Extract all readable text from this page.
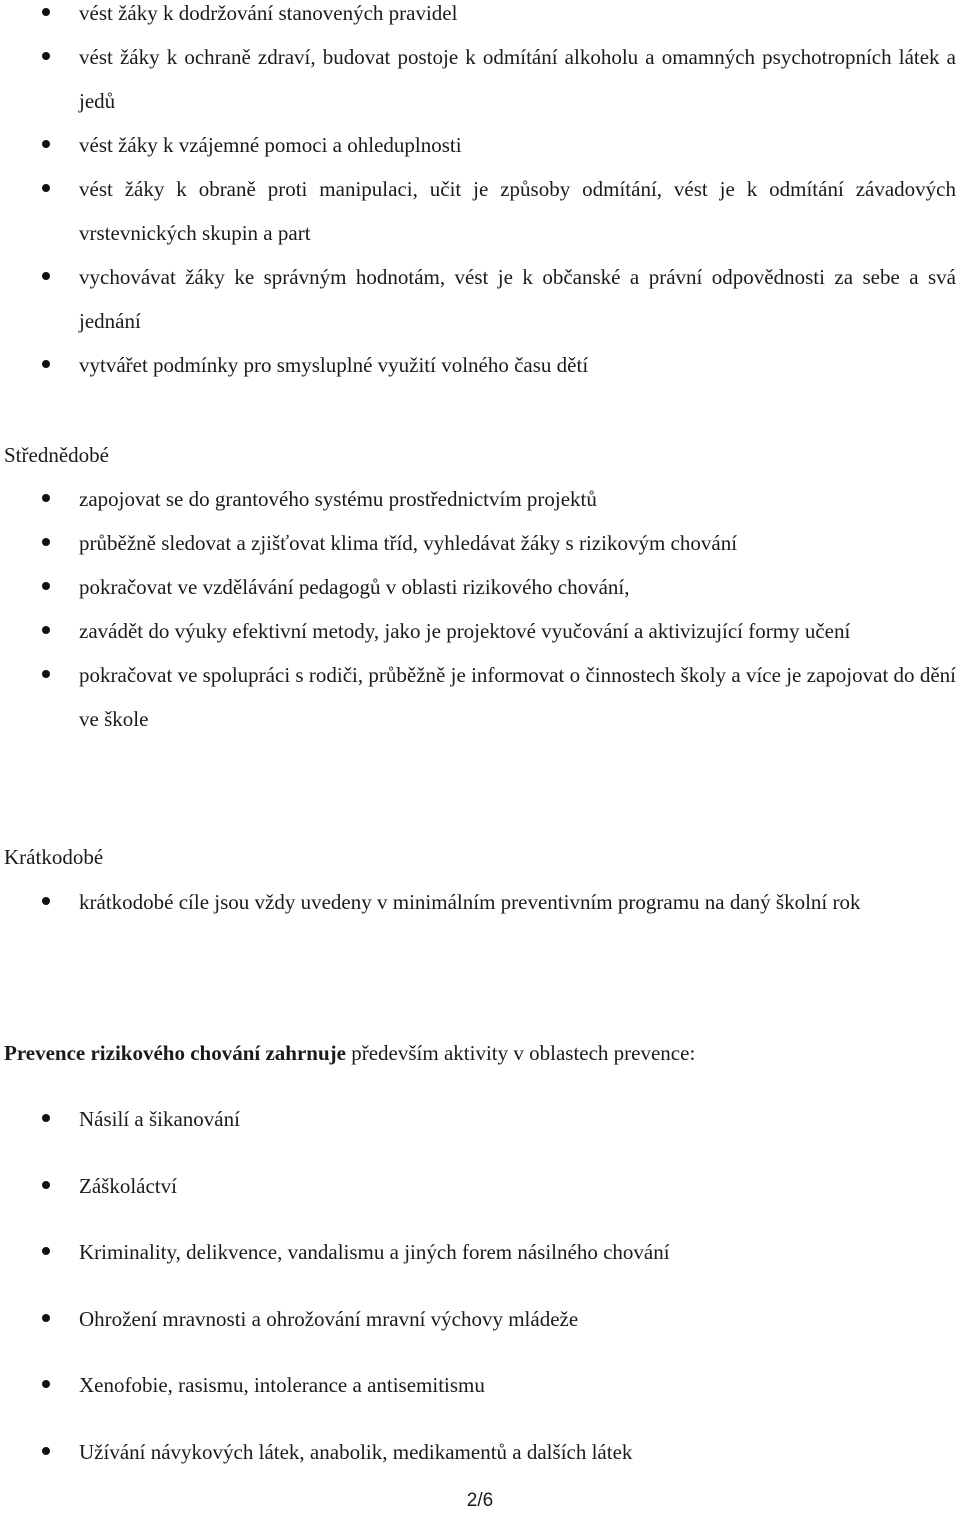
vést žáky k dodržování stanovených pravidel
vést žáky k ochraně zdraví, budovat postoje k odmítání alkoholu a omamných psychotropních látek a jedů
vést žáky k vzájemné pomoci a ohleduplnosti
vést žáky k obraně proti manipulaci, učit je způsoby odmítání, vést je k odmítání závadových vrstevnických skupin a part
vychovávat žáky ke správným hodnotám, vést je k občanské a právní odpovědnosti za sebe a svá jednání
vytvářet podmínky pro smysluplné využití volného času dětí
Střednědobé
zapojovat se do grantového systému prostřednictvím projektů
průběžně sledovat a zjišťovat klima tříd, vyhledávat žáky s rizikovým chování
pokračovat ve vzdělávání pedagogů v oblasti rizikového chování,
zavádět do výuky efektivní metody, jako je projektové vyučování a aktivizující formy učení
pokračovat ve spolupráci s rodiči, průběžně je informovat o činnostech školy a více je zapojovat do dění ve škole
Krátkodobé
krátkodobé cíle jsou vždy uvedeny v minimálním preventivním programu na daný školní rok

Prevence rizikového chování zahrnuje především aktivity v oblastech prevence:

Násilí a šikanování
Záškoláctví
Kriminality, delikvence, vandalismu a jiných forem násilného chování
Ohrožení mravnosti a ohrožování mravní výchovy mládeže
Xenofobie, rasismu, intolerance a antisemitismu
Užívání návykových látek, anabolik, medikamentů a dalších látek
2/6
